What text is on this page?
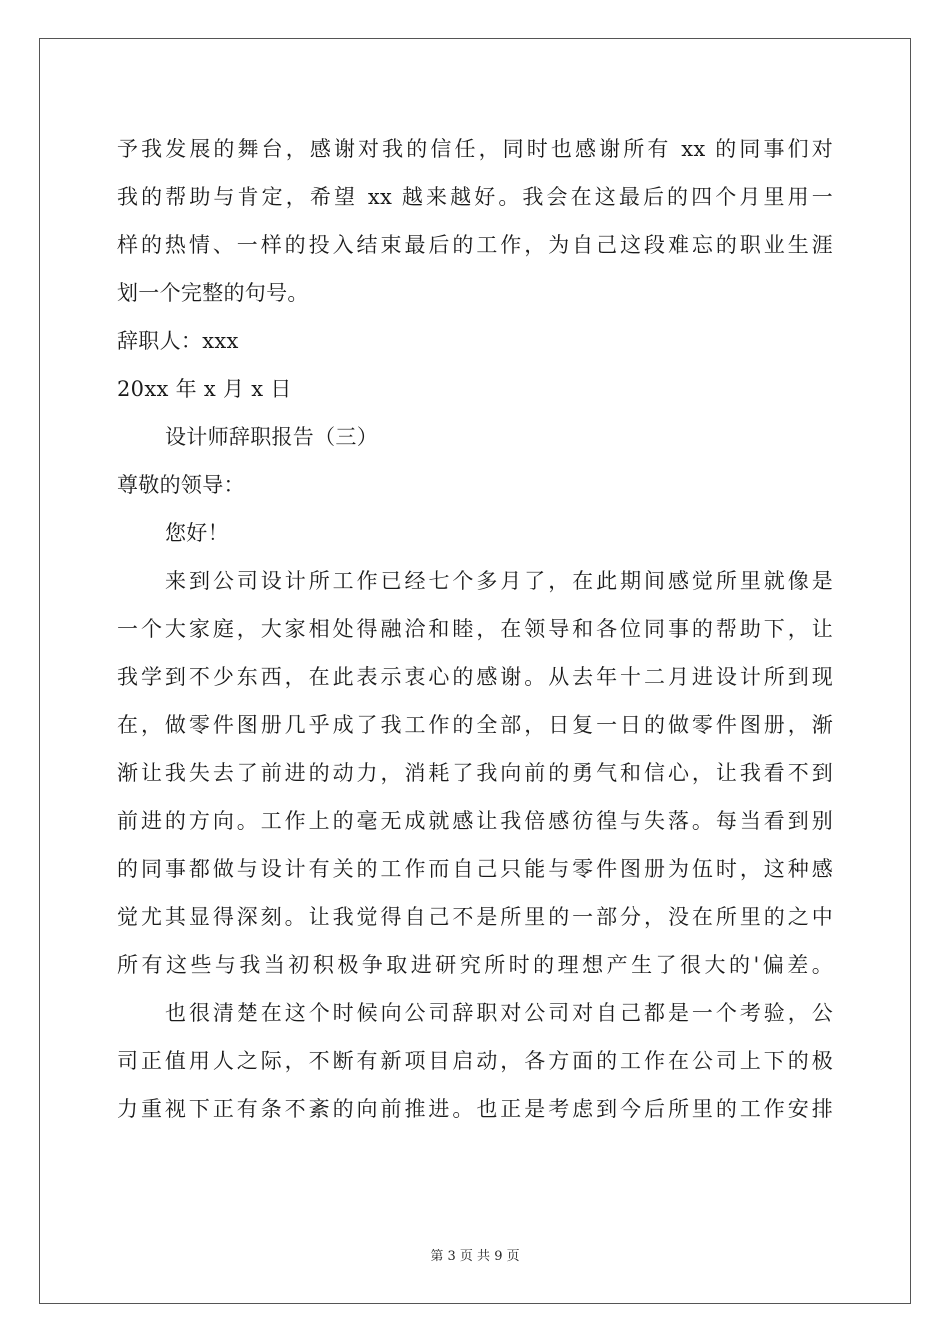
予我发展的舞台，感谢对我的信任，同时也感谢所有 xx 的同事们对
我的帮助与肯定，希望 xx 越来越好。我会在这最后的四个月里用一
样的热情、一样的投入结束最后的工作，为自己这段难忘的职业生涯
划一个完整的句号。
辞职人：xxx
20xx 年 x 月 x 日
设计师辞职报告（三）
尊敬的领导：
您好！
来到公司设计所工作已经七个多月了，在此期间感觉所里就像是
一个大家庭，大家相处得融洽和睦，在领导和各位同事的帮助下，让
我学到不少东西，在此表示衷心的感谢。从去年十二月进设计所到现
在，做零件图册几乎成了我工作的全部，日复一日的做零件图册，渐
渐让我失去了前进的动力，消耗了我向前的勇气和信心，让我看不到
前进的方向。工作上的毫无成就感让我倍感彷徨与失落。每当看到别
的同事都做与设计有关的工作而自己只能与零件图册为伍时，这种感
觉尤其显得深刻。让我觉得自己不是所里的一部分，没在所里的之中
所有这些与我当初积极争取进研究所时的理想产生了很大的'偏差。
也很清楚在这个时候向公司辞职对公司对自己都是一个考验，公
司正值用人之际，不断有新项目启动，各方面的工作在公司上下的极
力重视下正有条不紊的向前推进。也正是考虑到今后所里的工作安排
第 3 页 共 9 页
